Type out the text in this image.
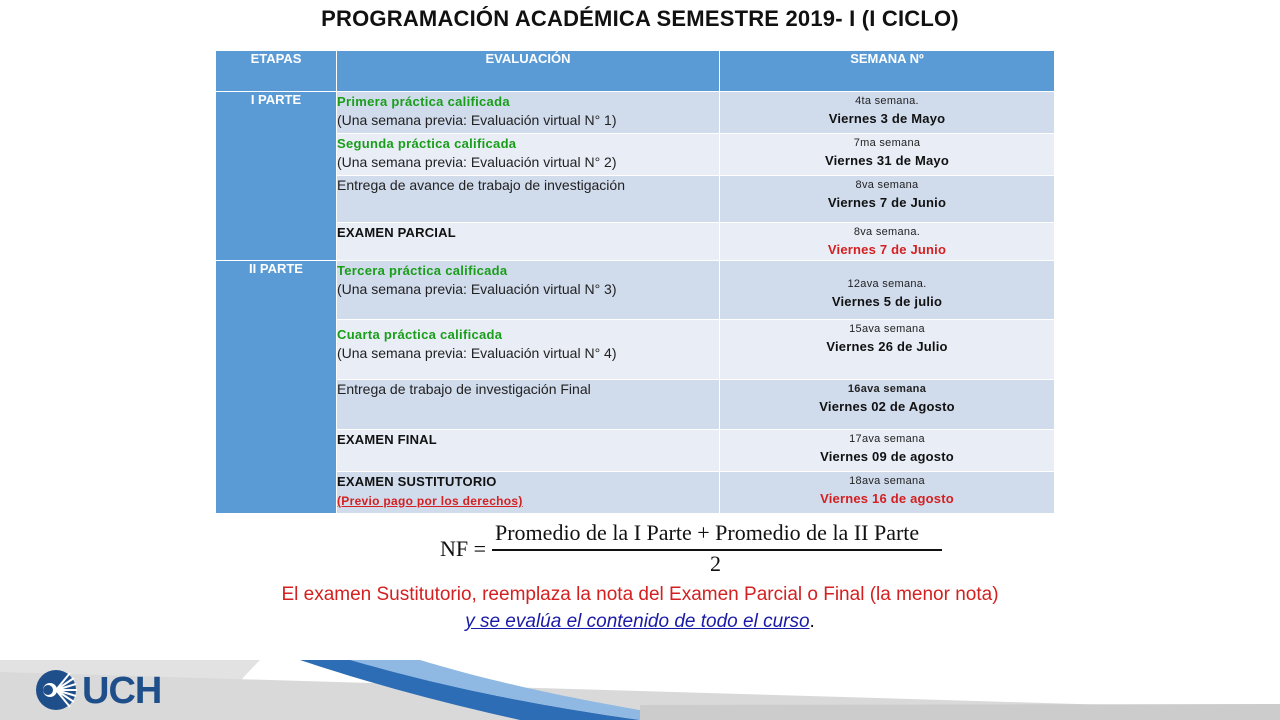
PROGRAMACIÓN ACADÉMICA SEMESTRE 2019- I (I CICLO)
ETAPAS	EVALUACIÓN	SEMANA Nº
I PARTE	Primera práctica calificada
(Una semana previa: Evaluación virtual N° 1)	4ta semana.
Viernes 3 de Mayo

	Segunda práctica calificada
(Una semana previa: Evaluación virtual N° 2)	7ma semana
Viernes 31 de Mayo

	Entrega de avance de trabajo de investigación	8va semana
Viernes 7 de Junio

	EXAMEN PARCIAL	8va semana.
Viernes 7 de Junio

II PARTE	Tercera práctica calificada
(Una semana previa: Evaluación virtual N° 3)	12ava semana.
Viernes 5 de julio

	Cuarta práctica calificada
(Una semana previa: Evaluación virtual N° 4)	15ava semana
Viernes 26 de Julio

	Entrega de trabajo de investigación Final	16ava semana
Viernes 02 de Agosto

	EXAMEN FINAL	17ava semana
Viernes 09 de agosto

	EXAMEN SUSTITUTORIO
(Previo pago por los derechos)	18ava semana
Viernes 16 de agosto
NF =
Promedio de la I Parte + Promedio de la II Parte
2
El examen Sustitutorio, reemplaza la nota del Examen Parcial o Final (la menor nota)
y se evalúa el contenido de todo el curso.
UCH
